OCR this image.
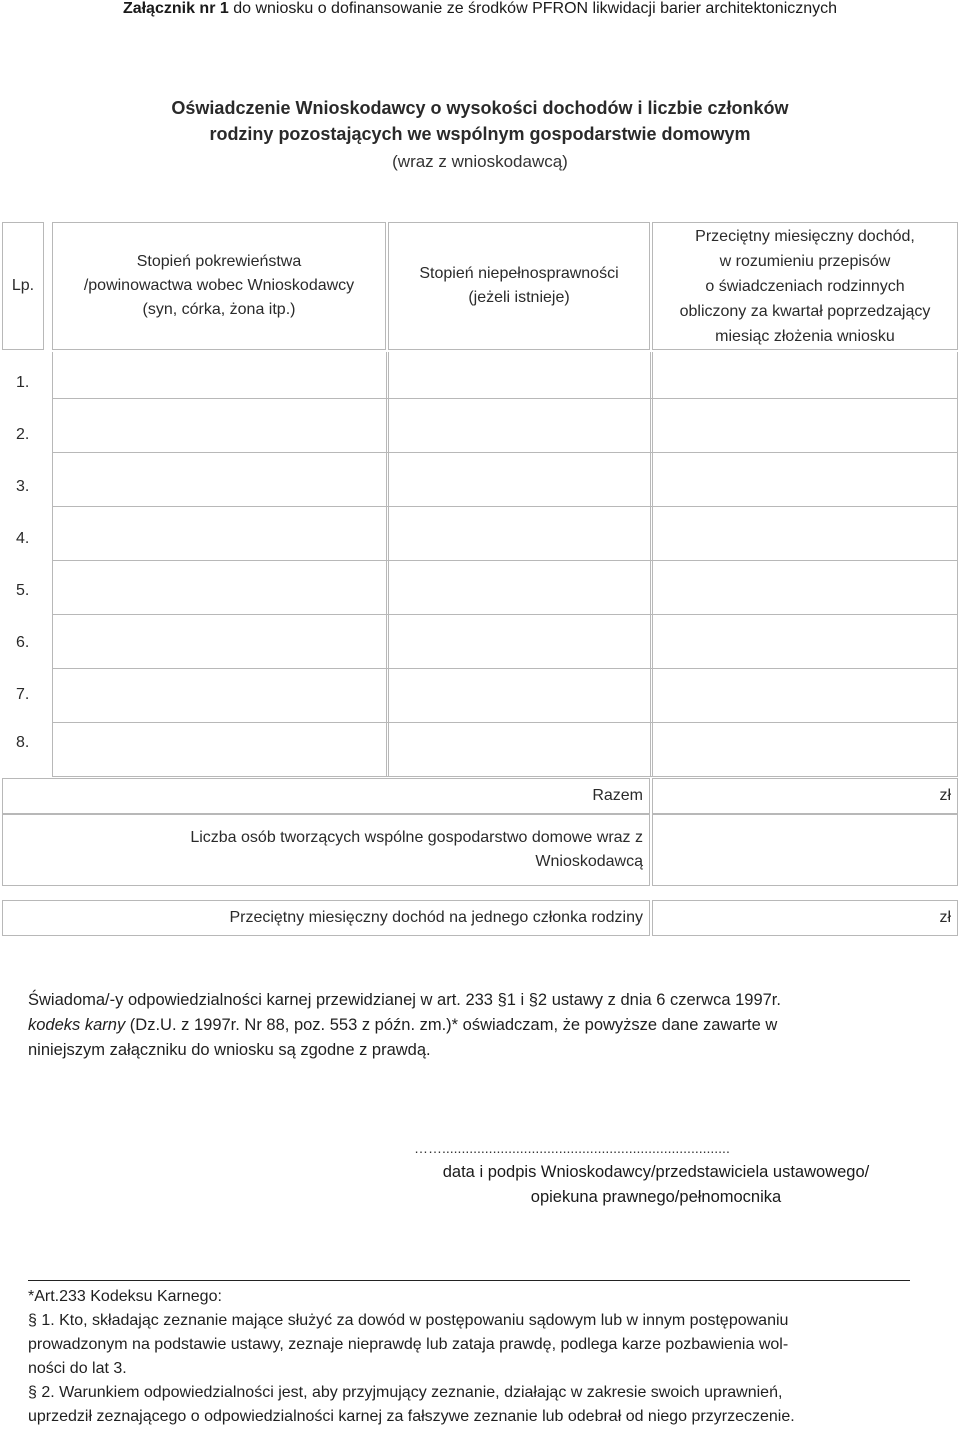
Załącznik nr 1 do wniosku o dofinansowanie ze środków PFRON likwidacji barier architektonicznych
Oświadczenie Wnioskodawcy o wysokości dochodów i liczbie członków
rodziny pozostających we wspólnym gospodarstwie domowym
(wraz z wnioskodawcą)
Lp.
Stopień pokrewieństwa
/powinowactwa wobec Wnioskodawcy
(syn, córka, żona itp.)
Stopień niepełnosprawności
(jeżeli istnieje)
Przeciętny miesięczny dochód,
w rozumieniu przepisów
o świadczeniach rodzinnych
obliczony za kwartał poprzedzający
miesiąc złożenia wniosku
1.
2.
3.
4.
5.
6.
7.
8.
Razem	zł
Liczba osób tworzących wspólne gospodarstwo domowe wraz z
Wnioskodawcą
Przeciętny miesięczny dochód na jednego członka rodziny	zł
Świadoma/-y odpowiedzialności karnej przewidzianej w art. 233 §1 i §2 ustawy z dnia 6 czerwca 1997r.
kodeks karny (Dz.U. z 1997r. Nr 88, poz. 553 z późn. zm.)* oświadczam, że powyższe dane zawarte w
niniejszym załączniku do wniosku są zgodne z prawdą.
……..........................................................................
data i podpis Wnioskodawcy/przedstawiciela ustawowego/
opiekuna prawnego/pełnomocnika
*Art.233 Kodeksu Karnego:
§ 1. Kto, składając zeznanie mające służyć za dowód w postępowaniu sądowym lub w innym postępowaniu
prowadzonym na podstawie ustawy, zeznaje nieprawdę lub zataja prawdę, podlega karze pozbawienia wol-
ności do lat 3.
§ 2. Warunkiem odpowiedzialności jest, aby przyjmujący zeznanie, działając w zakresie swoich uprawnień,
uprzedził zeznającego o odpowiedzialności karnej za fałszywe zeznanie lub odebrał od niego przyrzeczenie.
